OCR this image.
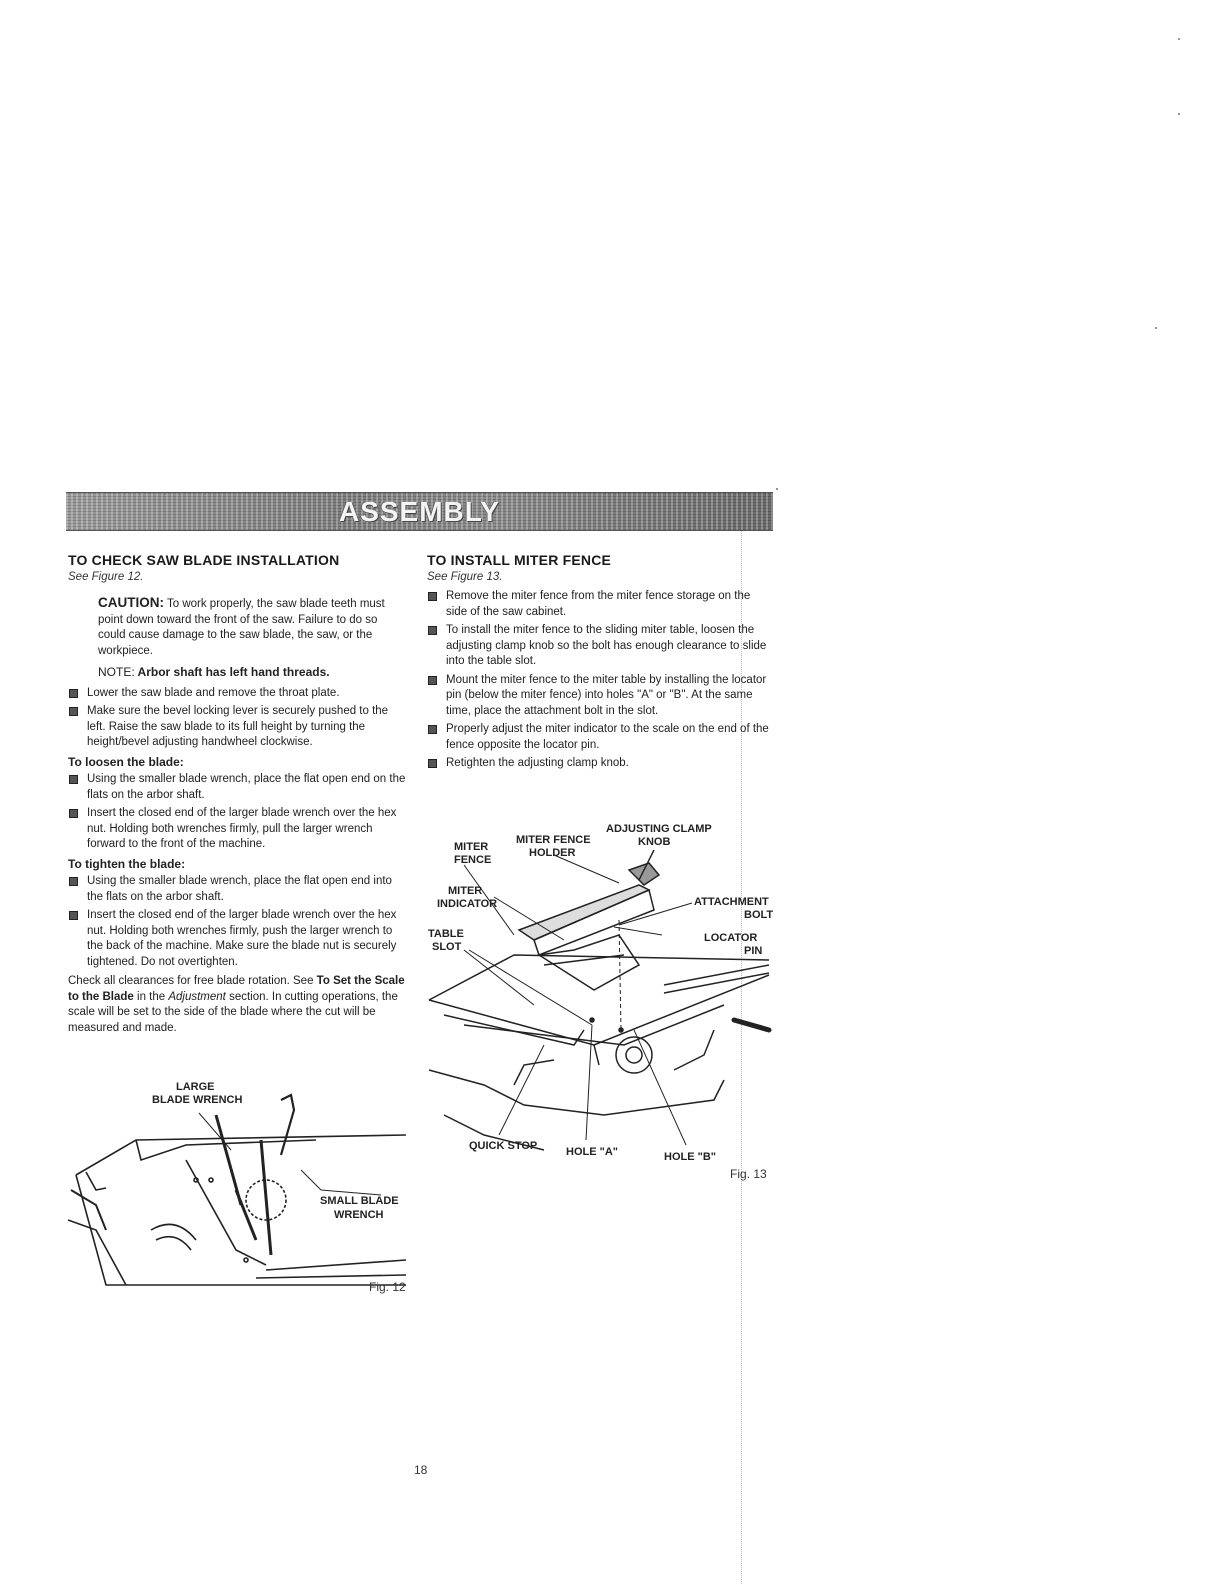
ASSEMBLY
TO CHECK SAW BLADE INSTALLATION
See Figure 12.
CAUTION: To work properly, the saw blade teeth must point down toward the front of the saw. Failure to do so could cause damage to the saw blade, the saw, or the workpiece.
NOTE: Arbor shaft has left hand threads.
Lower the saw blade and remove the throat plate.
Make sure the bevel locking lever is securely pushed to the left. Raise the saw blade to its full height by turning the height/bevel adjusting handwheel clockwise.
To loosen the blade:
Using the smaller blade wrench, place the flat open end on the flats on the arbor shaft.
Insert the closed end of the larger blade wrench over the hex nut. Holding both wrenches firmly, pull the larger wrench forward to the front of the machine.
To tighten the blade:
Using the smaller blade wrench, place the flat open end into the flats on the arbor shaft.
Insert the closed end of the larger blade wrench over the hex nut. Holding both wrenches firmly, push the larger wrench to the back of the machine. Make sure the blade nut is securely tightened. Do not overtighten.
Check all clearances for free blade rotation. See To Set the Scale to the Blade in the Adjustment section. In cutting operations, the scale will be set to the side of the blade where the cut will be measured and made.
LARGE
BLADE WRENCH
SMALL BLADE
WRENCH
Fig. 12
TO INSTALL MITER FENCE
See Figure 13.
Remove the miter fence from the miter fence storage on the side of the saw cabinet.
To install the miter fence to the sliding miter table, loosen the adjusting clamp knob so the bolt has enough clearance to slide into the table slot.
Mount the miter fence to the miter table by installing the locator pin (below the miter fence) into holes "A" or "B". At the same time, place the attachment bolt in the slot.
Properly adjust the miter indicator to the scale on the end of the fence opposite the locator pin.
Retighten the adjusting clamp knob.
MITER
FENCE
MITER FENCE
HOLDER
ADJUSTING CLAMP
KNOB
MITER
INDICATOR	ATTACHMENT
BOLT
TABLE
SLOT
LOCATOR
PIN
QUICK STOP	HOLE "A"	HOLE "B"
Fig. 13
18
